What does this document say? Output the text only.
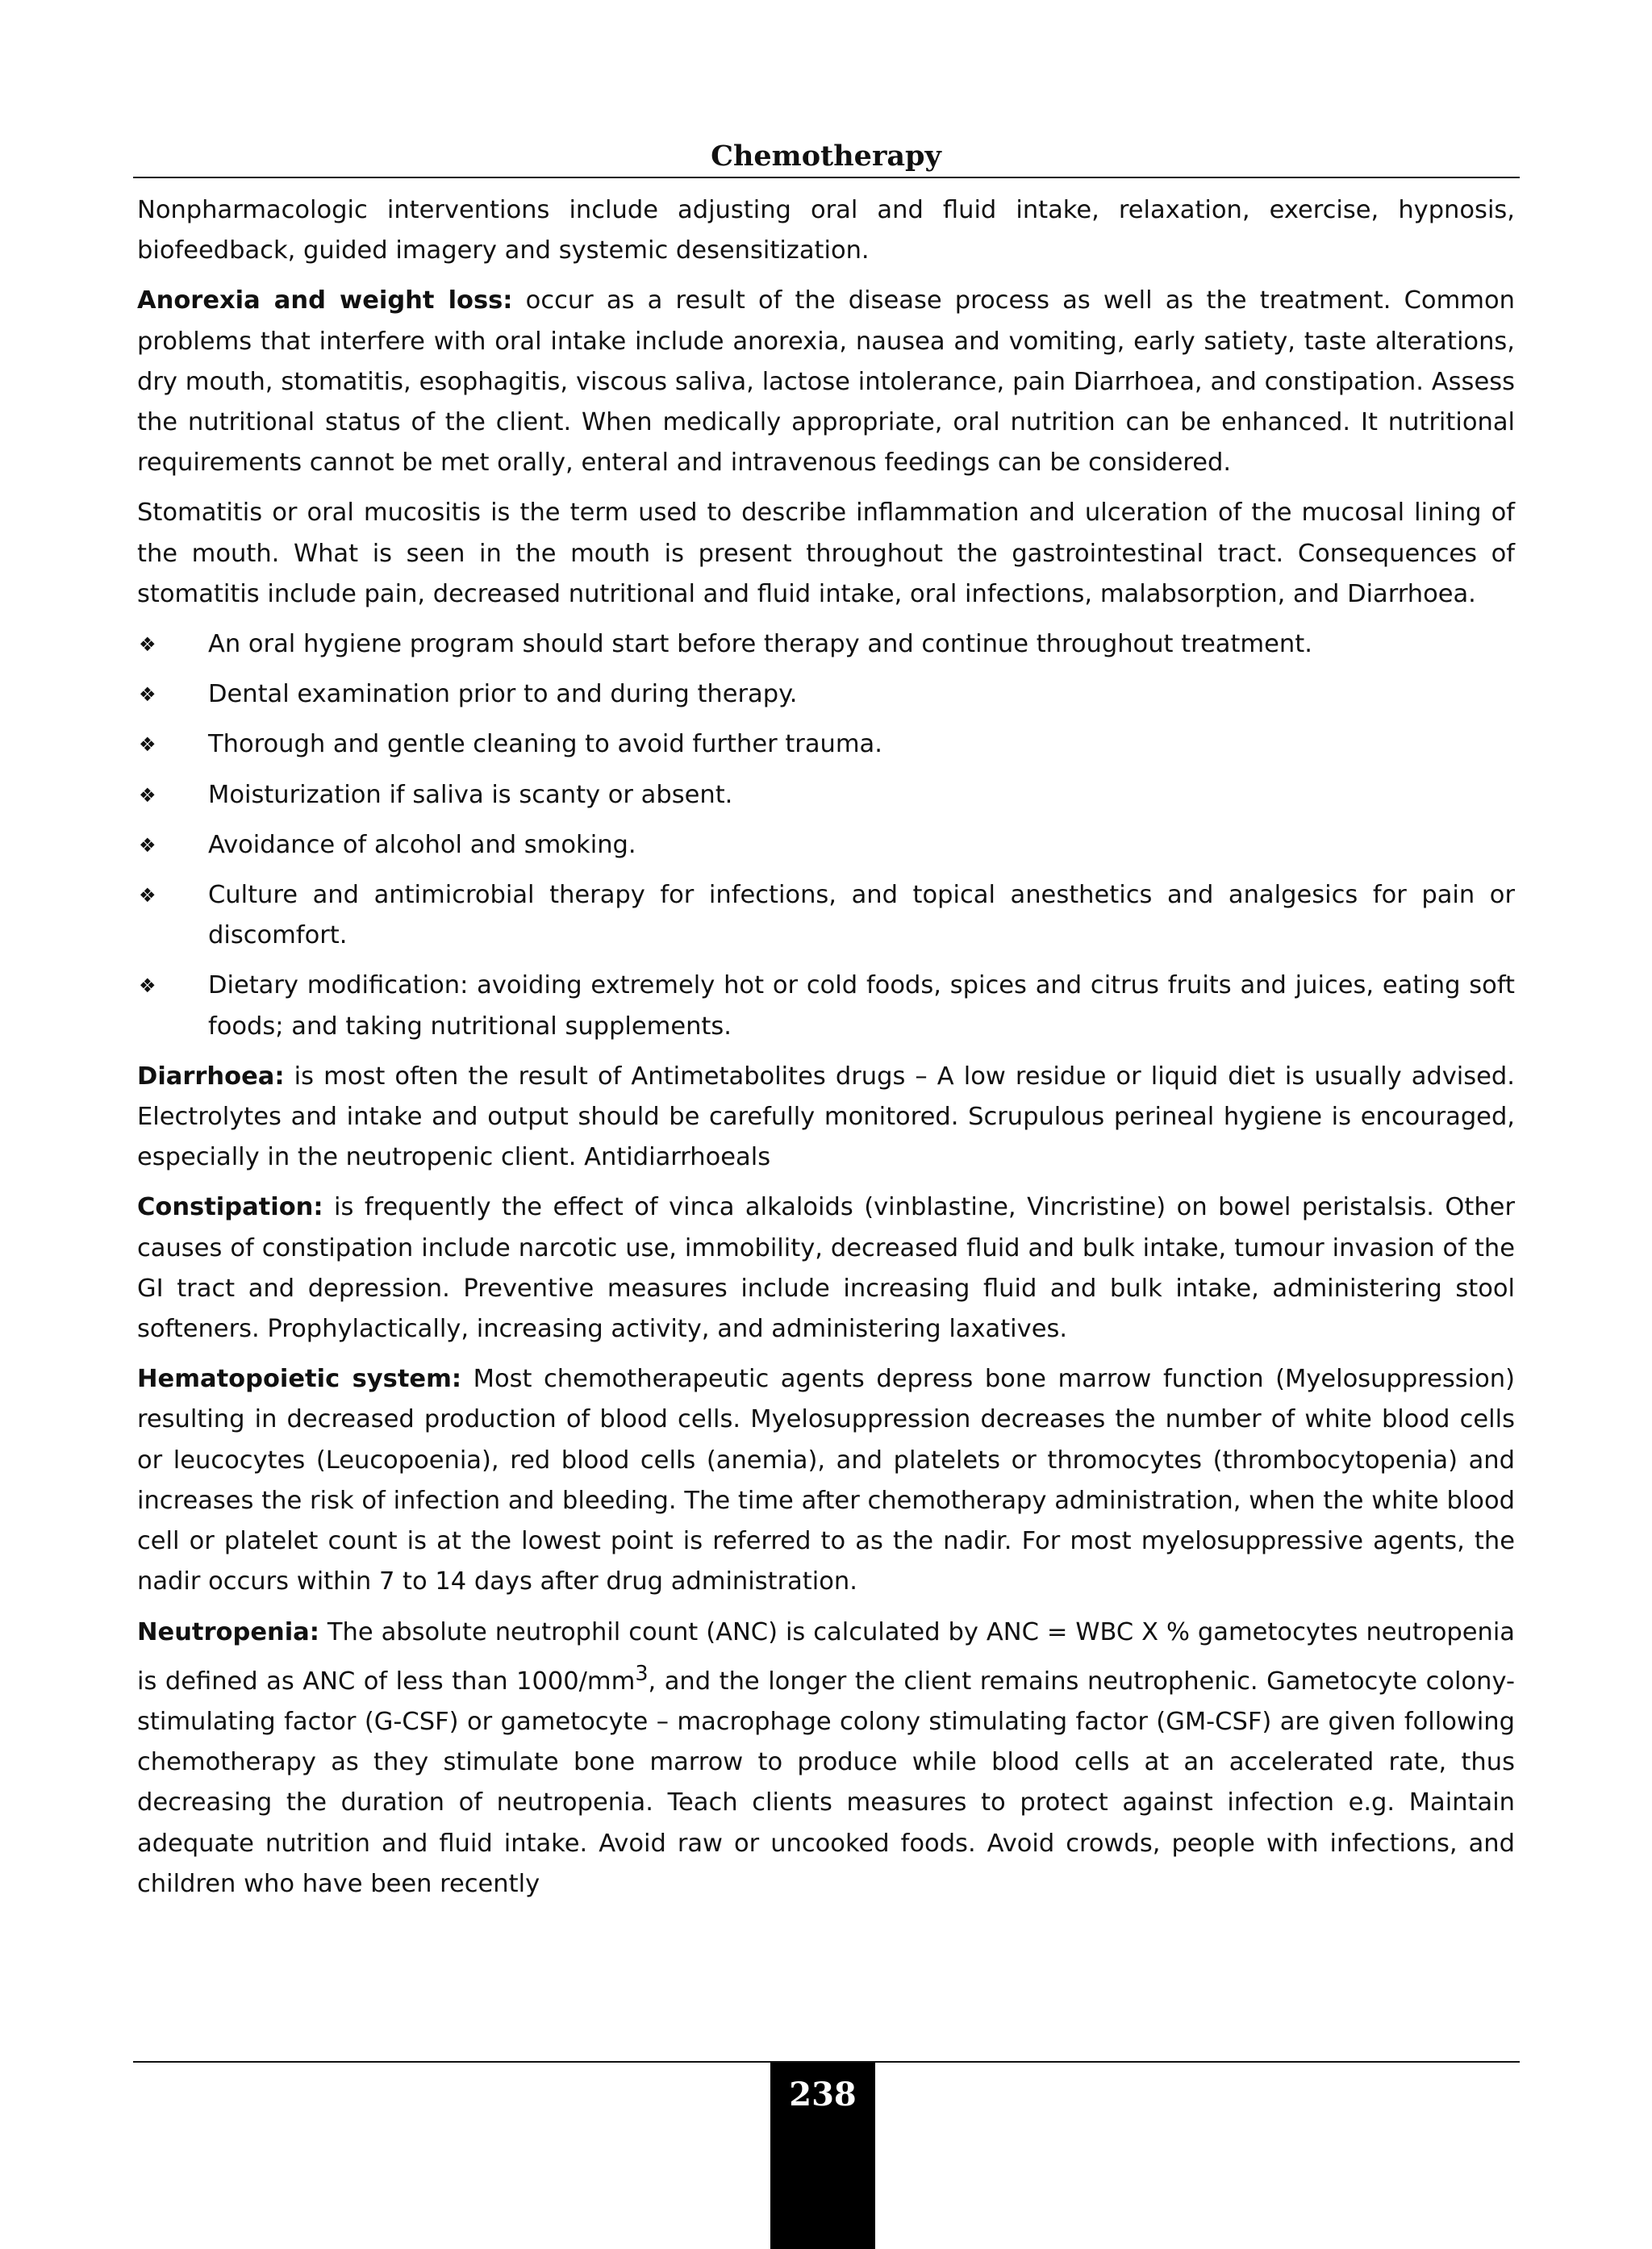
Chemotherapy

Nonpharmacologic interventions include adjusting oral and fluid intake, relaxation, exercise, hypnosis, biofeedback, guided imagery and systemic desensitization.

Anorexia and weight loss: occur as a result of the disease process as well as the treatment. Common problems that interfere with oral intake include anorexia, nausea and vomiting, early satiety, taste alterations, dry mouth, stomatitis, esophagitis, viscous saliva, lactose intolerance, pain Diarrhoea, and constipation. Assess the nutritional status of the client. When medically appropriate, oral nutrition can be enhanced. It nutritional requirements cannot be met orally, enteral and intravenous feedings can be considered.

Stomatitis or oral mucositis is the term used to describe inflammation and ulceration of the mucosal lining of the mouth. What is seen in the mouth is present throughout the gastrointestinal tract. Consequences of stomatitis include pain, decreased nutritional and fluid intake, oral infections, malabsorption, and Diarrhoea.

❖	An oral hygiene program should start before therapy and continue throughout treatment.
❖	Dental examination prior to and during therapy.
❖	Thorough and gentle cleaning to avoid further trauma.
❖	Moisturization if saliva is scanty or absent.
❖	Avoidance of alcohol and smoking.
❖	Culture and antimicrobial therapy for infections, and topical anesthetics and analgesics for pain or discomfort.
❖	Dietary modification: avoiding extremely hot or cold foods, spices and citrus fruits and juices, eating soft foods; and taking nutritional supplements.

Diarrhoea: is most often the result of Antimetabolites drugs – A low residue or liquid diet is usually advised. Electrolytes and intake and output should be carefully monitored. Scrupulous perineal hygiene is encouraged, especially in the neutropenic client. Antidiarrhoeals

Constipation: is frequently the effect of vinca alkaloids (vinblastine, Vincristine) on bowel peristalsis. Other causes of constipation include narcotic use, immobility, decreased fluid and bulk intake, tumour invasion of the GI tract and depression. Preventive measures include increasing fluid and bulk intake, administering stool softeners. Prophylactically, increasing activity, and administering laxatives.

Hematopoietic system: Most chemotherapeutic agents depress bone marrow function (Myelosuppression) resulting in decreased production of blood cells. Myelosuppression decreases the number of white blood cells or leucocytes (Leucopoenia), red blood cells (anemia), and platelets or thromocytes (thrombocytopenia) and increases the risk of infection and bleeding. The time after chemotherapy administration, when the white blood cell or platelet count is at the lowest point is referred to as the nadir. For most myelosuppressive agents, the nadir occurs within 7 to 14 days after drug administration.

Neutropenia: The absolute neutrophil count (ANC) is calculated by ANC = WBC X % gametocytes neutropenia is defined as ANC of less than $1000/mm^3$, and the longer the client remains neutrophenic. Gametocyte colony- stimulating factor (G-CSF) or gametocyte – macrophage colony stimulating factor (GM-CSF) are given following chemotherapy as they stimulate bone marrow to produce while blood cells at an accelerated rate, thus decreasing the duration of neutropenia. Teach clients measures to protect against infection e.g. Maintain adequate nutrition and fluid intake. Avoid raw or uncooked foods. Avoid crowds, people with infections, and children who have been recently

238
